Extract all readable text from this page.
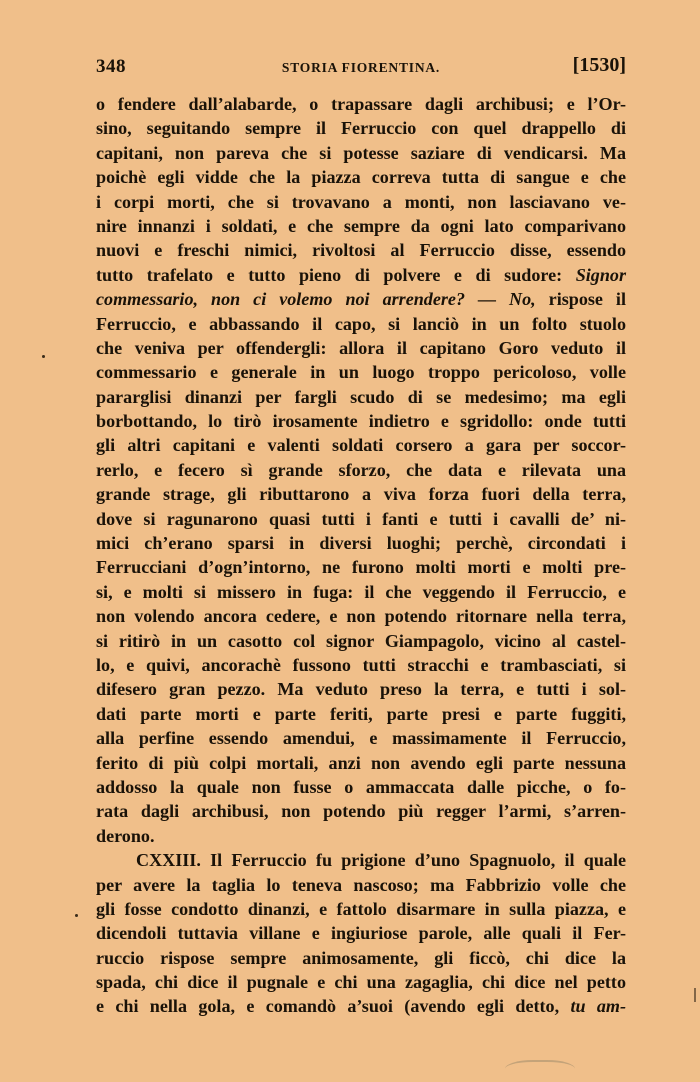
348	STORIA FIORENTINA.	[1530]
o fendere dall’alabarde, o trapassare dagli archibusi; e l’Or-
sino, seguitando sempre il Ferruccio con quel drappello di
capitani, non pareva che si potesse saziare di vendicarsi. Ma
poichè egli vidde che la piazza correva tutta di sangue e che
i corpi morti, che si trovavano a monti, non lasciavano ve-
nire innanzi i soldati, e che sempre da ogni lato comparivano
nuovi e freschi nimici, rivoltosi al Ferruccio disse, essendo
tutto trafelato e tutto pieno di polvere e di sudore: Signor
commessario, non ci volemo noi arrendere? — No, rispose il
Ferruccio, e abbassando il capo, si lanciò in un folto stuolo
che veniva per offendergli: allora il capitano Goro veduto il
commessario e generale in un luogo troppo pericoloso, volle
pararglisi dinanzi per fargli scudo di se medesimo; ma egli
borbottando, lo tirò irosamente indietro e sgridollo: onde tutti
gli altri capitani e valenti soldati corsero a gara per soccor-
rerlo, e fecero sì grande sforzo, che data e rilevata una
grande strage, gli ributtarono a viva forza fuori della terra,
dove si ragunarono quasi tutti i fanti e tutti i cavalli de’ ni-
mici ch’erano sparsi in diversi luoghi; perchè, circondati i
Ferrucciani d’ogn’intorno, ne furono molti morti e molti pre-
si, e molti si missero in fuga: il che veggendo il Ferruccio, e
non volendo ancora cedere, e non potendo ritornare nella terra,
si ritirò in un casotto col signor Giampagolo, vicino al castel-
lo, e quivi, ancorachè fussono tutti stracchi e trambasciati, si
difesero gran pezzo. Ma veduto preso la terra, e tutti i sol-
dati parte morti e parte feriti, parte presi e parte fuggiti,
alla perfine essendo amendui, e massimamente il Ferruccio,
ferito di più colpi mortali, anzi non avendo egli parte nessuna
addosso la quale non fusse o ammaccata dalle picche, o fo-
rata dagli archibusi, non potendo più regger l’armi, s’arren-
derono.
CXXIII. Il Ferruccio fu prigione d’uno Spagnuolo, il quale
per avere la taglia lo teneva nascoso; ma Fabbrizio volle che
gli fosse condotto dinanzi, e fattolo disarmare in sulla piazza, e
dicendoli tuttavia villane e ingiuriose parole, alle quali il Fer-
ruccio rispose sempre animosamente, gli ficcò, chi dice la
spada, chi dice il pugnale e chi una zagaglia, chi dice nel petto
e chi nella gola, e comandò a’suoi (avendo egli detto, tu am-
